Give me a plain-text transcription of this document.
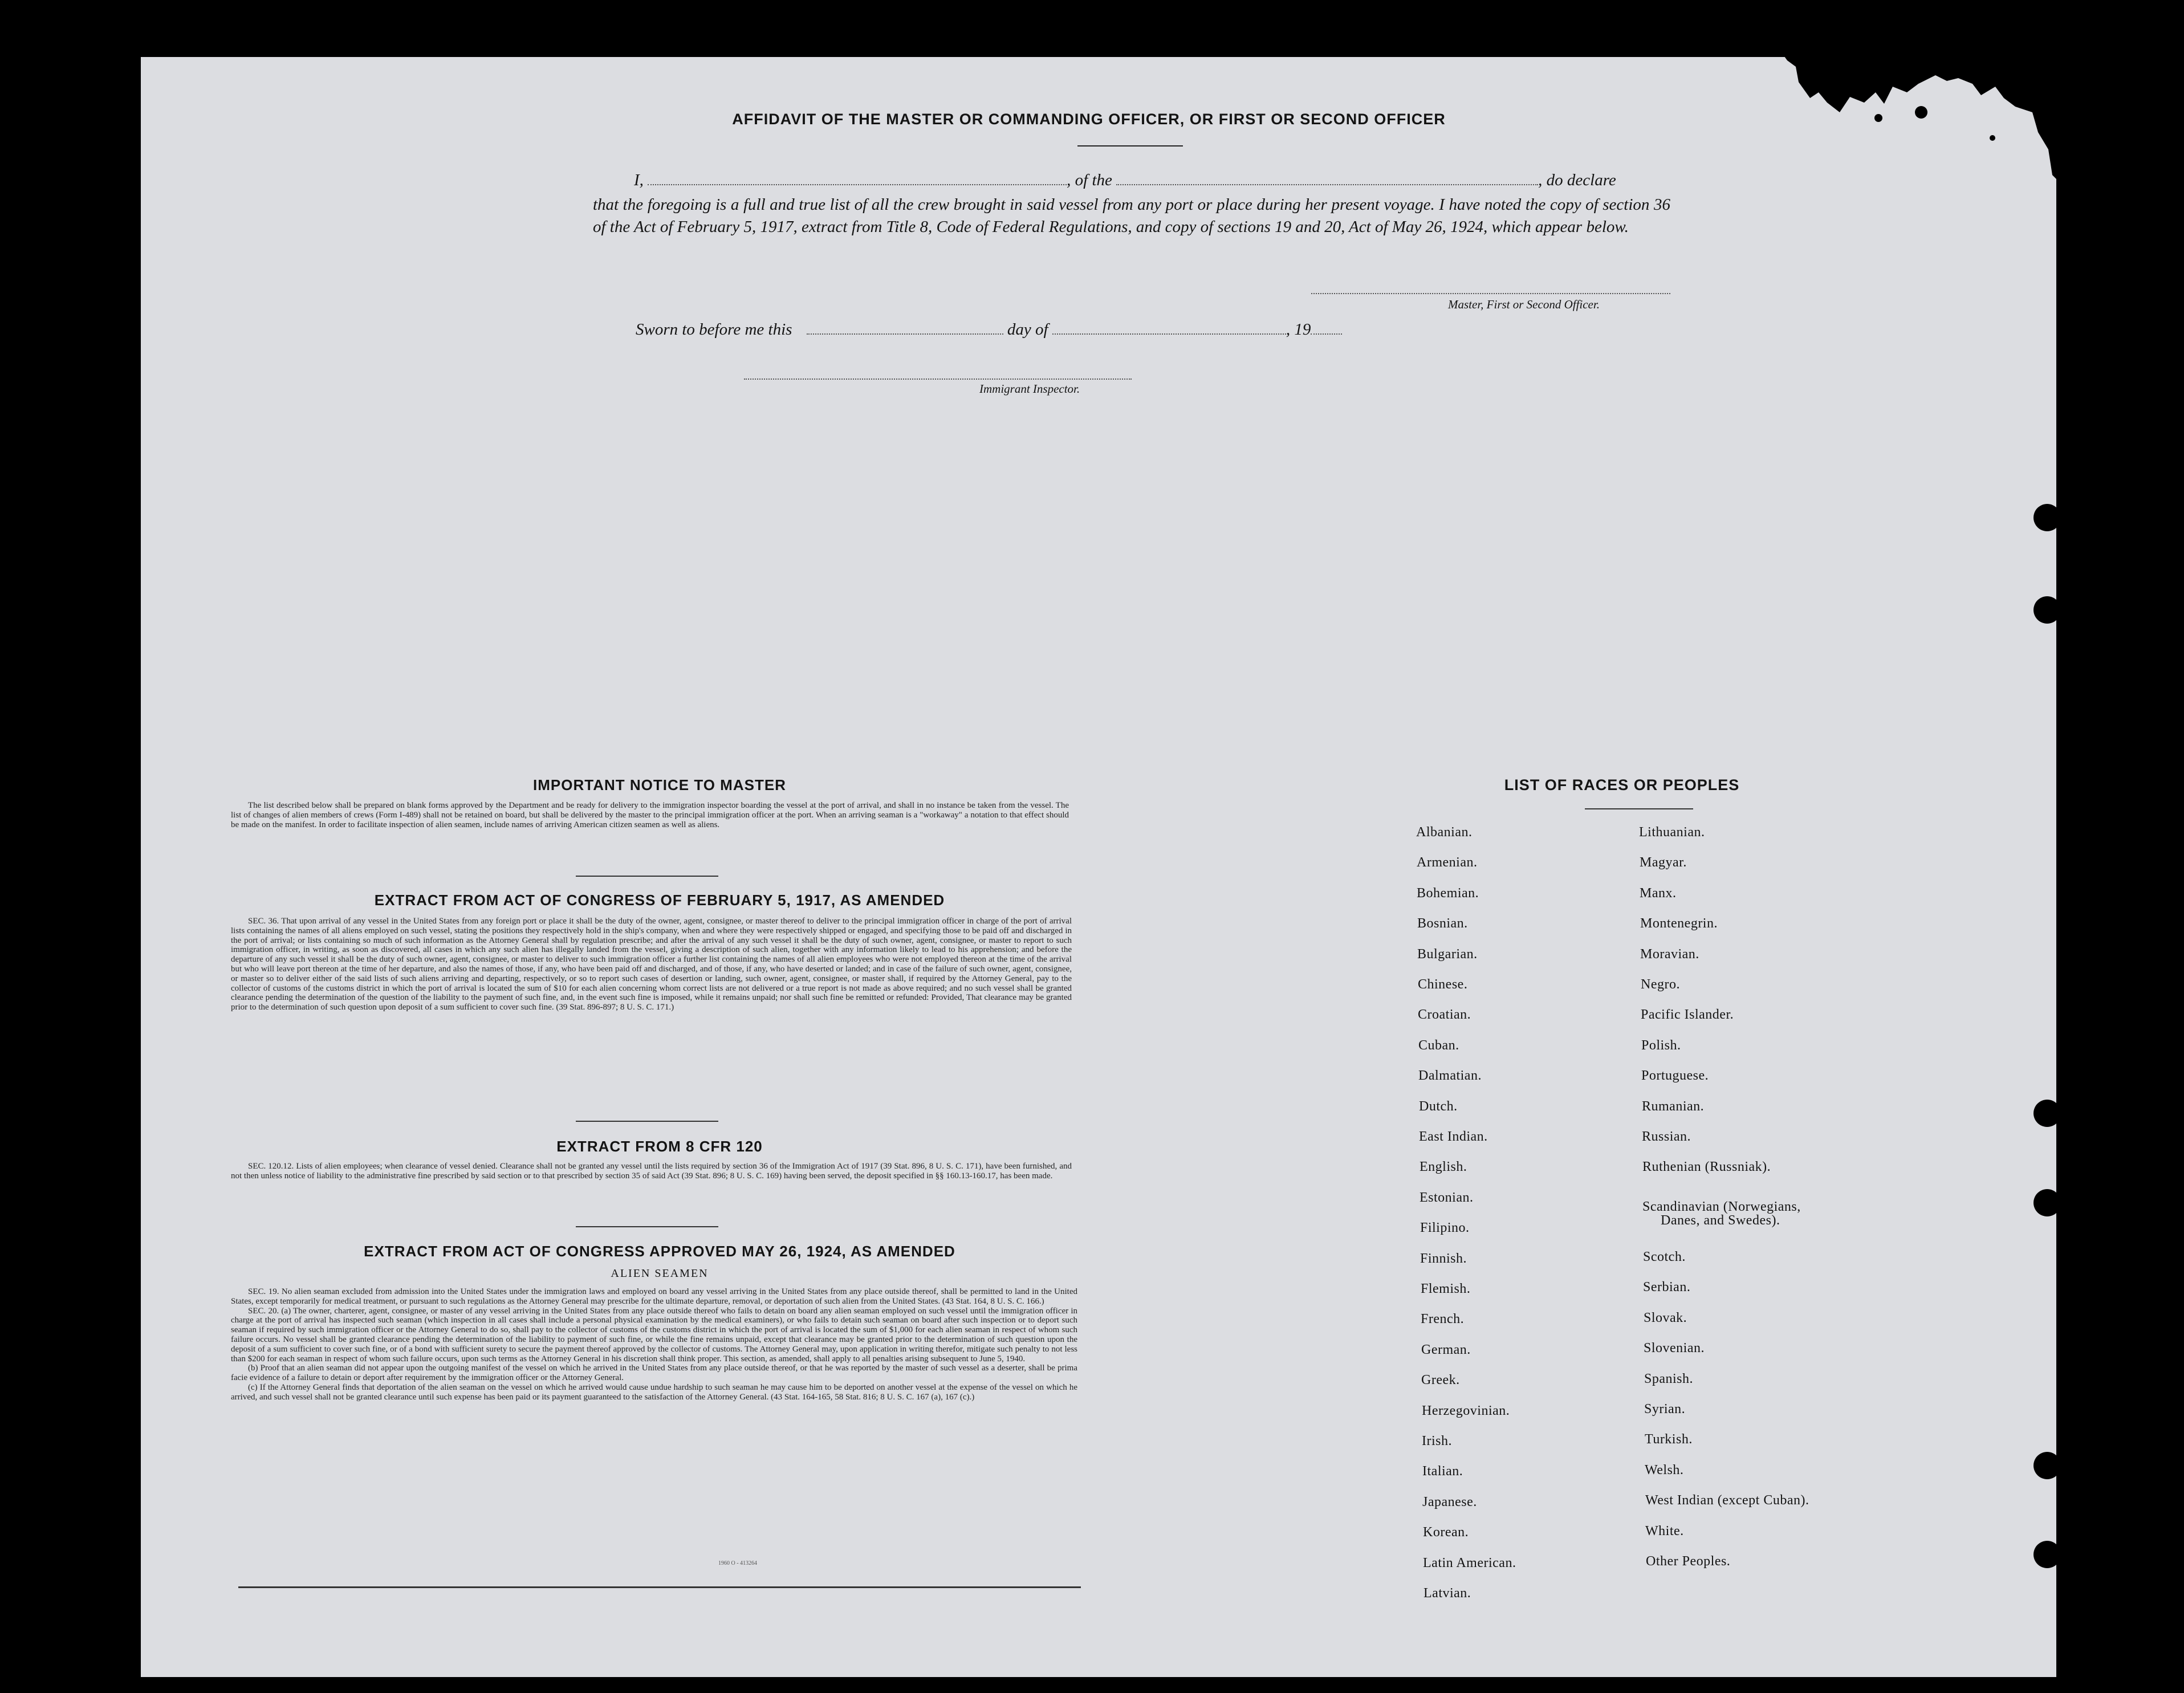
AFFIDAVIT OF THE MASTER OR COMMANDING OFFICER, OR FIRST OR SECOND OFFICER
I,	, of the	, do declare
that the foregoing is a full and true list of all the crew brought in said vessel from any port or place during her present voyage. I have noted the copy of section 36 of the Act of February 5, 1917, extract from Title 8, Code of Federal Regulations, and copy of sections 19 and 20, Act of May 26, 1924, which appear below.
Master, First or Second Officer.
Sworn to before me this	day of	, 19
Immigrant Inspector.
IMPORTANT NOTICE TO MASTER

The list described below shall be prepared on blank forms approved by the Department and be ready for delivery to the immigration inspector boarding the vessel at the port of arrival, and shall in no instance be taken from the vessel. The list of changes of alien members of crews (Form I-489) shall not be retained on board, but shall be delivered by the master to the principal immigration officer at the port. When an arriving seaman is a "workaway" a notation to that effect should be made on the manifest. In order to facilitate inspection of alien seamen, include names of arriving American citizen seamen as well as aliens.

EXTRACT FROM ACT OF CONGRESS OF FEBRUARY 5, 1917, AS AMENDED

SEC. 36. That upon arrival of any vessel in the United States from any foreign port or place it shall be the duty of the owner, agent, consignee, or master thereof to deliver to the principal immigration officer in charge of the port of arrival lists containing the names of all aliens employed on such vessel, stating the positions they respectively hold in the ship's company, when and where they were respectively shipped or engaged, and specifying those to be paid off and discharged in the port of arrival; or lists containing so much of such information as the Attorney General shall by regulation prescribe; and after the arrival of any such vessel it shall be the duty of such owner, agent, consignee, or master to report to such immigration officer, in writing, as soon as discovered, all cases in which any such alien has illegally landed from the vessel, giving a description of such alien, together with any information likely to lead to his apprehension; and before the departure of any such vessel it shall be the duty of such owner, agent, consignee, or master to deliver to such immigration officer a further list containing the names of all alien employees who were not employed thereon at the time of the arrival but who will leave port thereon at the time of her departure, and also the names of those, if any, who have been paid off and discharged, and of those, if any, who have deserted or landed; and in case of the failure of such owner, agent, consignee, or master so to deliver either of the said lists of such aliens arriving and departing, respectively, or so to report such cases of desertion or landing, such owner, agent, consignee, or master shall, if required by the Attorney General, pay to the collector of customs of the customs district in which the port of arrival is located the sum of $10 for each alien concerning whom correct lists are not delivered or a true report is not made as above required; and no such vessel shall be granted clearance pending the determination of the question of the liability to the payment of such fine, and, in the event such fine is imposed, while it remains unpaid; nor shall such fine be remitted or refunded: Provided, That clearance may be granted prior to the determination of such question upon deposit of a sum sufficient to cover such fine. (39 Stat. 896-897; 8 U. S. C. 171.)

EXTRACT FROM 8 CFR 120

SEC. 120.12. Lists of alien employees; when clearance of vessel denied. Clearance shall not be granted any vessel until the lists required by section 36 of the Immigration Act of 1917 (39 Stat. 896, 8 U. S. C. 171), have been furnished, and not then unless notice of liability to the administrative fine prescribed by said section or to that prescribed by section 35 of said Act (39 Stat. 896; 8 U. S. C. 169) having been served, the deposit specified in §§ 160.13-160.17, has been made.

EXTRACT FROM ACT OF CONGRESS APPROVED MAY 26, 1924, AS AMENDED
ALIEN SEAMEN

SEC. 19. No alien seaman excluded from admission into the United States under the immigration laws and employed on board any vessel arriving in the United States from any place outside thereof, shall be permitted to land in the United States, except temporarily for medical treatment, or pursuant to such regulations as the Attorney General may prescribe for the ultimate departure, removal, or deportation of such alien from the United States. (43 Stat. 164, 8 U. S. C. 166.)

SEC. 20. (a) The owner, charterer, agent, consignee, or master of any vessel arriving in the United States from any place outside thereof who fails to detain on board any alien seaman employed on such vessel until the immigration officer in charge at the port of arrival has inspected such seaman (which inspection in all cases shall include a personal physical examination by the medical examiners), or who fails to detain such seaman on board after such inspection or to deport such seaman if required by such immigration officer or the Attorney General to do so, shall pay to the collector of customs of the customs district in which the port of arrival is located the sum of $1,000 for each alien seaman in respect of whom such failure occurs. No vessel shall be granted clearance pending the determination of the liability to payment of such fine, or while the fine remains unpaid, except that clearance may be granted prior to the determination of such question upon the deposit of a sum sufficient to cover such fine, or of a bond with sufficient surety to secure the payment thereof approved by the collector of customs. The Attorney General may, upon application in writing therefor, mitigate such penalty to not less than $200 for each seaman in respect of whom such failure occurs, upon such terms as the Attorney General in his discretion shall think proper. This section, as amended, shall apply to all penalties arising subsequent to June 5, 1940.

(b) Proof that an alien seaman did not appear upon the outgoing manifest of the vessel on which he arrived in the United States from any place outside thereof, or that he was reported by the master of such vessel as a deserter, shall be prima facie evidence of a failure to detain or deport after requirement by the immigration officer or the Attorney General.

(c) If the Attorney General finds that deportation of the alien seaman on the vessel on which he arrived would cause undue hardship to such seaman he may cause him to be deported on another vessel at the expense of the vessel on which he arrived, and such vessel shall not be granted clearance until such expense has been paid or its payment guaranteed to the satisfaction of the Attorney General. (43 Stat. 164-165, 58 Stat. 816; 8 U. S. C. 167 (a), 167 (c).)

1960 O - 413264
LIST OF RACES OR PEOPLES
Albanian.
Armenian.
Bohemian.
Bosnian.
Bulgarian.
Chinese.
Croatian.
Cuban.
Dalmatian.
Dutch.
East Indian.
English.
Estonian.
Filipino.
Finnish.
Flemish.
French.
German.
Greek.
Herzegovinian.
Irish.
Italian.
Japanese.
Korean.
Latin American.
Latvian.
Lithuanian.
Magyar.
Manx.
Montenegrin.
Moravian.
Negro.
Pacific Islander.
Polish.
Portuguese.
Rumanian.
Russian.
Ruthenian (Russniak).
Scandinavian (Norwegians,
Danes, and Swedes).
Scotch.
Serbian.
Slovak.
Slovenian.
Spanish.
Syrian.
Turkish.
Welsh.
West Indian (except Cuban).
White.
Other Peoples.
